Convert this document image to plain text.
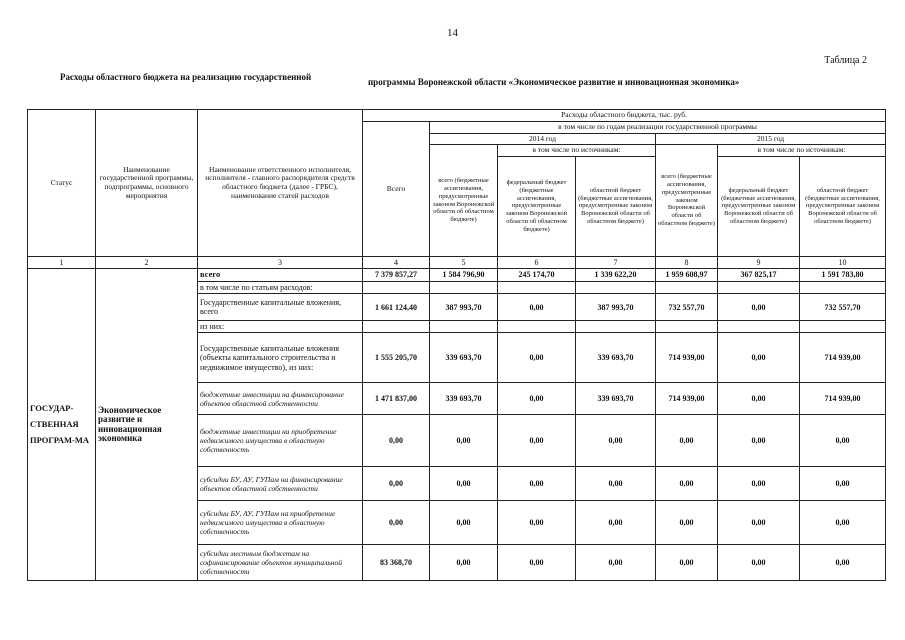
14
Таблица 2
Расходы областного бюджета на реализацию государственной	программы Воронежской области «Экономическое развитие и инновационная экономика»
Статус	Наименование государственной программы, подпрограммы, основного мероприятия	Наименование ответственного исполнителя, исполнителя - главного распорядителя средств областного бюджета (далее - ГРБС), наименование статей расходов	Расходы областного бюджета, тыс. руб.						
			Всего	в том числе по годам реализации государственной программы					
				2014 год			2015 год		
				всего (бюджетные ассигнования, предусмотренные законом Воронежской области об областном бюджете)	в том числе по источникам:		всего (бюджетные ассигнования, предусмотренные законом Воронежской области об областном бюджете)	в том числе по источникам:	
					федеральный бюджет (бюджетные ассигнования, предусмотренные законом Воронежской области об областном бюджете)	областной бюджет (бюджетные ассигнования, предусмотренные законом Воронежской области об областном бюджете)		федеральный бюджет (бюджетные ассигнования, предусмотренные законом Воронежской области об областном бюджете)	областной бюджет (бюджетные ассигнования, предусмотренные законом Воронежской области об областном бюджете)
1	2	3	4	5	6	7	8	9	10
ГОСУДАР-СТВЕННАЯ ПРОГРАМ-МА	Экономическое развитие и инновационная экономика	всего	7 379 857,27	1 584 796,90	245 174,70	1 339 622,20	1 959 608,97	367 825,17	1 591 783,80
		в том числе по статьям расходов:							
		Государственные капитальные вложения, всего	1 661 124,40	387 993,70	0,00	387 993,70	732 557,70	0,00	732 557,70
		из них:							
		Государственные капитальные вложения (объекты капитального строительства и недвижимое имущество), из них:	1 555 205,70	339 693,70	0,00	339 693,70	714 939,00	0,00	714 939,00
		бюджетные инвестиции на финансирование объектов областной собственности	1 471 837,00	339 693,70	0,00	339 693,70	714 939,00	0,00	714 939,00
		бюджетные инвестиции на приобретение недвижимого имущества в областную собственность	0,00	0,00	0,00	0,00	0,00	0,00	0,00
		субсидии БУ, АУ, ГУПам на финансирование объектов областной собственности	0,00	0,00	0,00	0,00	0,00	0,00	0,00
		субсидии БУ, АУ, ГУПам на приобретение недвижимого имущества в областную собственность	0,00	0,00	0,00	0,00	0,00	0,00	0,00
		субсидии местным бюджетам на софинансирование объектов муниципальной собственности	83 368,70	0,00	0,00	0,00	0,00	0,00	0,00
